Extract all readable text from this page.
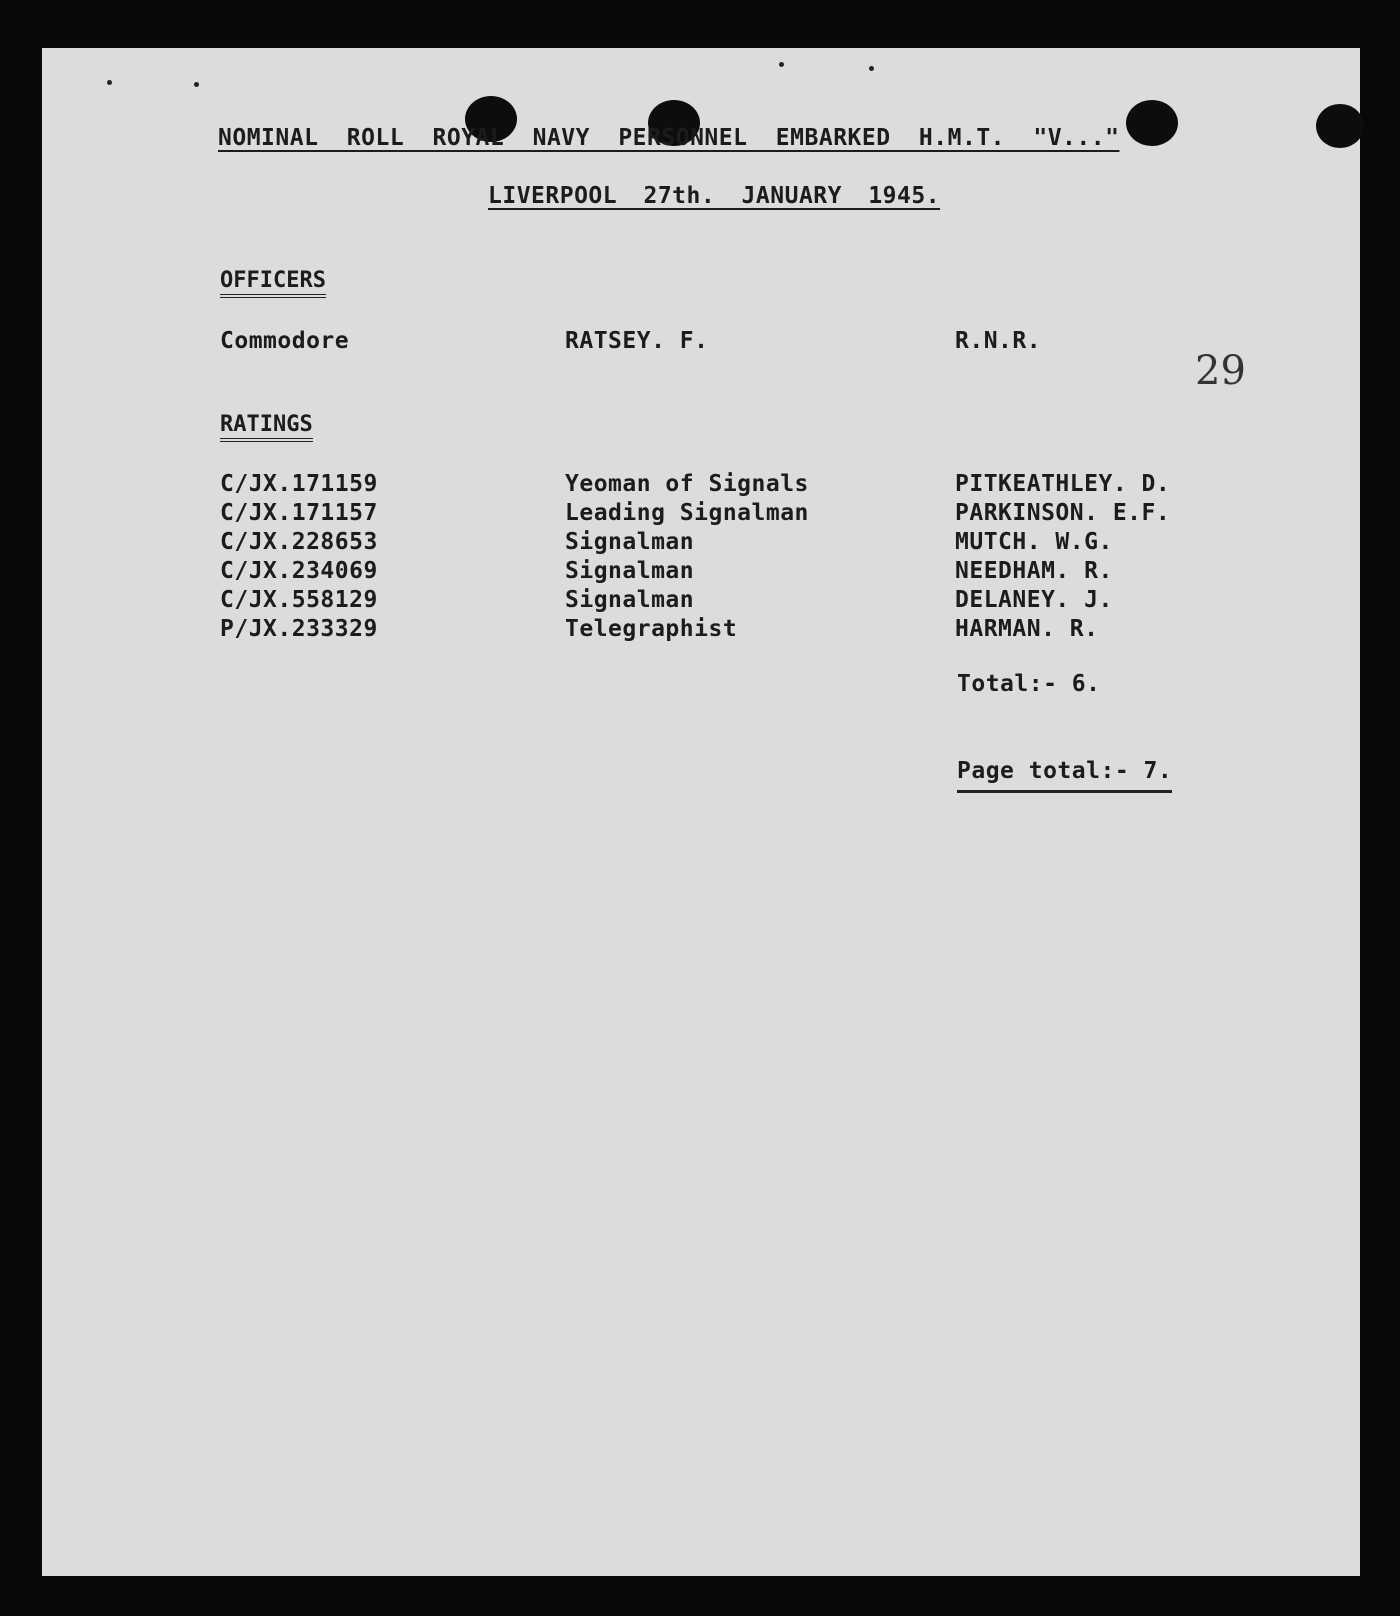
NOMINAL ROLL ROYAL NAVY PERSONNEL EMBARKED H.M.T. "V..."

LIVERPOOL 27th. JANUARY 1945.

OFFICERS

Commodore	RATSEY. F.	R.N.R.

29

RATINGS

C/JX.171159
C/JX.171157
C/JX.228653
C/JX.234069
C/JX.558129
P/JX.233329
Yeoman of Signals
Leading Signalman
Signalman
Signalman
Signalman
Telegraphist
PITKEATHLEY. D.
PARKINSON. E.F.
MUTCH. W.G.
NEEDHAM. R.
DELANEY. J.
HARMAN. R.

Total:- 6.

Page total:- 7.
